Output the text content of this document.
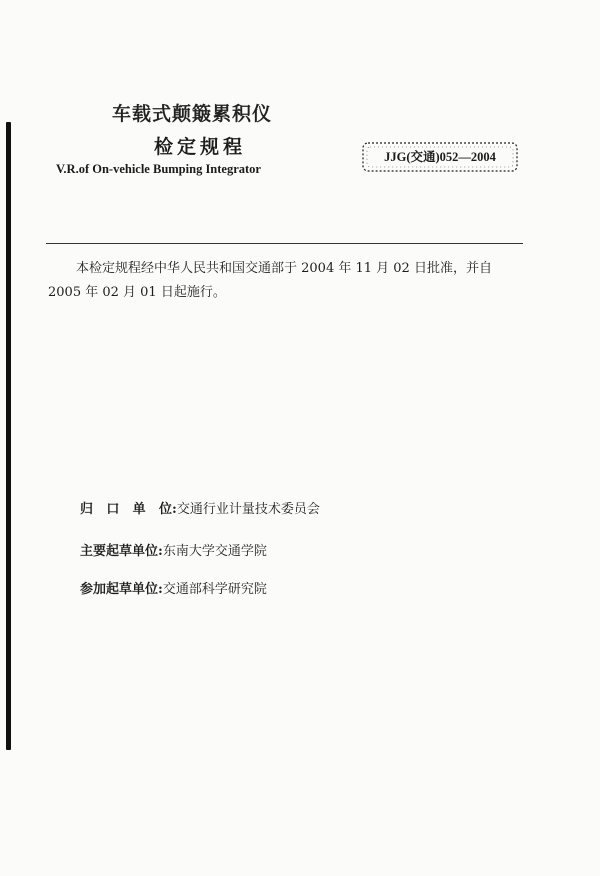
车载式颠簸累积仪
检定规程
V.R.of On-vehicle Bumping Integrator
JJG(交通)052—2004
本检定规程经中华人民共和国交通部于 2004 年 11 月 02 日批准，并自
2005 年 02 月 01 日起施行。
归 口 单 位:交通行业计量技术委员会
主要起草单位:东南大学交通学院
参加起草单位:交通部科学研究院
